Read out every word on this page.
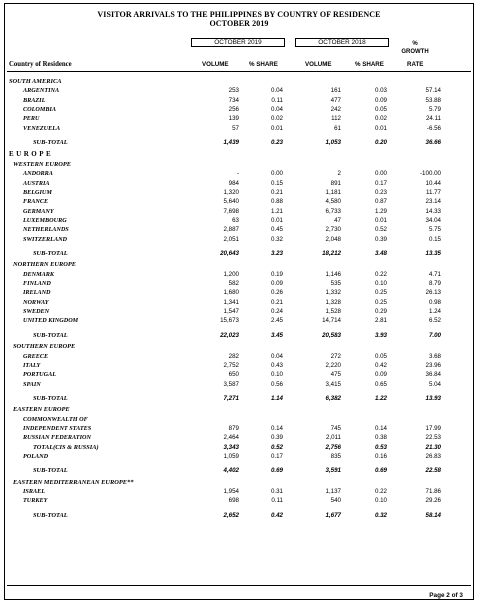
VISITOR ARRIVALS TO THE PHILIPPINES BY COUNTRY OF RESIDENCE
OCTOBER 2019
OCTOBER 2019	OCTOBER 2018	%
GROWTH
Country of Residence	VOLUME	% SHARE	VOLUME	% SHARE	RATE
SOUTH AMERICA
ARGENTINA	253	0.04	161	0.03	57.14
BRAZIL	734	0.11	477	0.09	53.88
COLOMBIA	256	0.04	242	0.05	5.79
PERU	139	0.02	112	0.02	24.11
VENEZUELA	57	0.01	61	0.01	-6.56
SUB-TOTAL	1,439	0.23	1,053	0.20	36.66
EUROPE
WESTERN EUROPE
ANDORRA	-	0.00	2	0.00	-100.00
AUSTRIA	984	0.15	891	0.17	10.44
BELGIUM	1,320	0.21	1,181	0.23	11.77
FRANCE	5,640	0.88	4,580	0.87	23.14
GERMANY	7,698	1.21	6,733	1.29	14.33
LUXEMBOURG	63	0.01	47	0.01	34.04
NETHERLANDS	2,887	0.45	2,730	0.52	5.75
SWITZERLAND	2,051	0.32	2,048	0.39	0.15
SUB-TOTAL	20,643	3.23	18,212	3.48	13.35
NORTHERN EUROPE
DENMARK	1,200	0.19	1,146	0.22	4.71
FINLAND	582	0.09	535	0.10	8.79
IRELAND	1,680	0.26	1,332	0.25	26.13
NORWAY	1,341	0.21	1,328	0.25	0.98
SWEDEN	1,547	0.24	1,528	0.29	1.24
UNITED KINGDOM	15,673	2.45	14,714	2.81	6.52
SUB-TOTAL	22,023	3.45	20,583	3.93	7.00
SOUTHERN EUROPE
GREECE	282	0.04	272	0.05	3.68
ITALY	2,752	0.43	2,220	0.42	23.96
PORTUGAL	650	0.10	475	0.09	36.84
SPAIN	3,587	0.56	3,415	0.65	5.04
SUB-TOTAL	7,271	1.14	6,382	1.22	13.93
EASTERN EUROPE
COMMONWEALTH OF
INDEPENDENT STATES	879	0.14	745	0.14	17.99
RUSSIAN FEDERATION	2,464	0.39	2,011	0.38	22.53
TOTAL(CIS & RUSSIA)	3,343	0.52	2,756	0.53	21.30
POLAND	1,059	0.17	835	0.16	26.83
SUB-TOTAL	4,402	0.69	3,591	0.69	22.58
EASTERN MEDITERRANEAN EUROPE**
ISRAEL	1,954	0.31	1,137	0.22	71.86
TURKEY	698	0.11	540	0.10	29.26
SUB-TOTAL	2,652	0.42	1,677	0.32	58.14
Page 2 of 3
